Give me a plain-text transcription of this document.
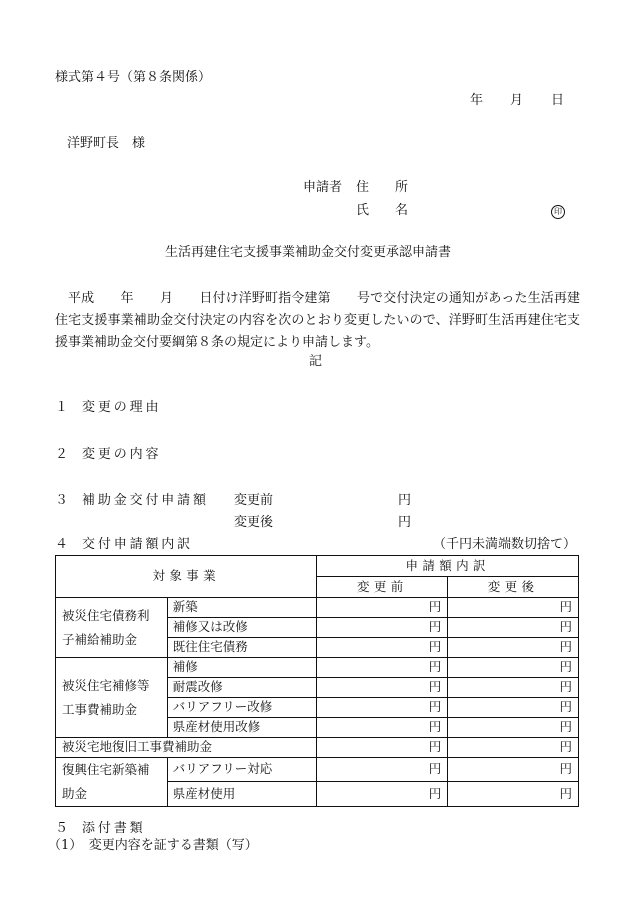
様式第４号（第８条関係）
年 月 日
洋野町長　様
申請者 住　　所
氏　　名	印
生活再建住宅支援事業補助金交付変更承認申請書

平成　　年　　月　　日付け洋野町指令建第　　号で交付決定の通知があった生活再建住宅支援事業補助金交付決定の内容を次のとおり変更したいので、洋野町生活再建住宅支援事業補助金交付要綱第８条の規定により申請します。

記
１ 変更の理由
２ 変更の内容
３ 補助金交付申請額 変更前	円
変更後	円
４ 交付申請額内訳	（千円未満端数切捨て）
対象事業		申請額内訳	
		変更前	変更後
被災住宅債務利
子補給補助金	新築	円	円
	補修又は改修	円	円
	既往住宅債務	円	円
被災住宅補修等
工事費補助金	補修	円	円
	耐震改修	円	円
	バリアフリー改修	円	円
	県産材使用改修	円	円
被災宅地復旧工事費補助金		円	円
復興住宅新築補
助金	バリアフリー対応	円	円
	県産材使用	円	円
５ 添付書類
（1）　変更内容を証する書類（写）
